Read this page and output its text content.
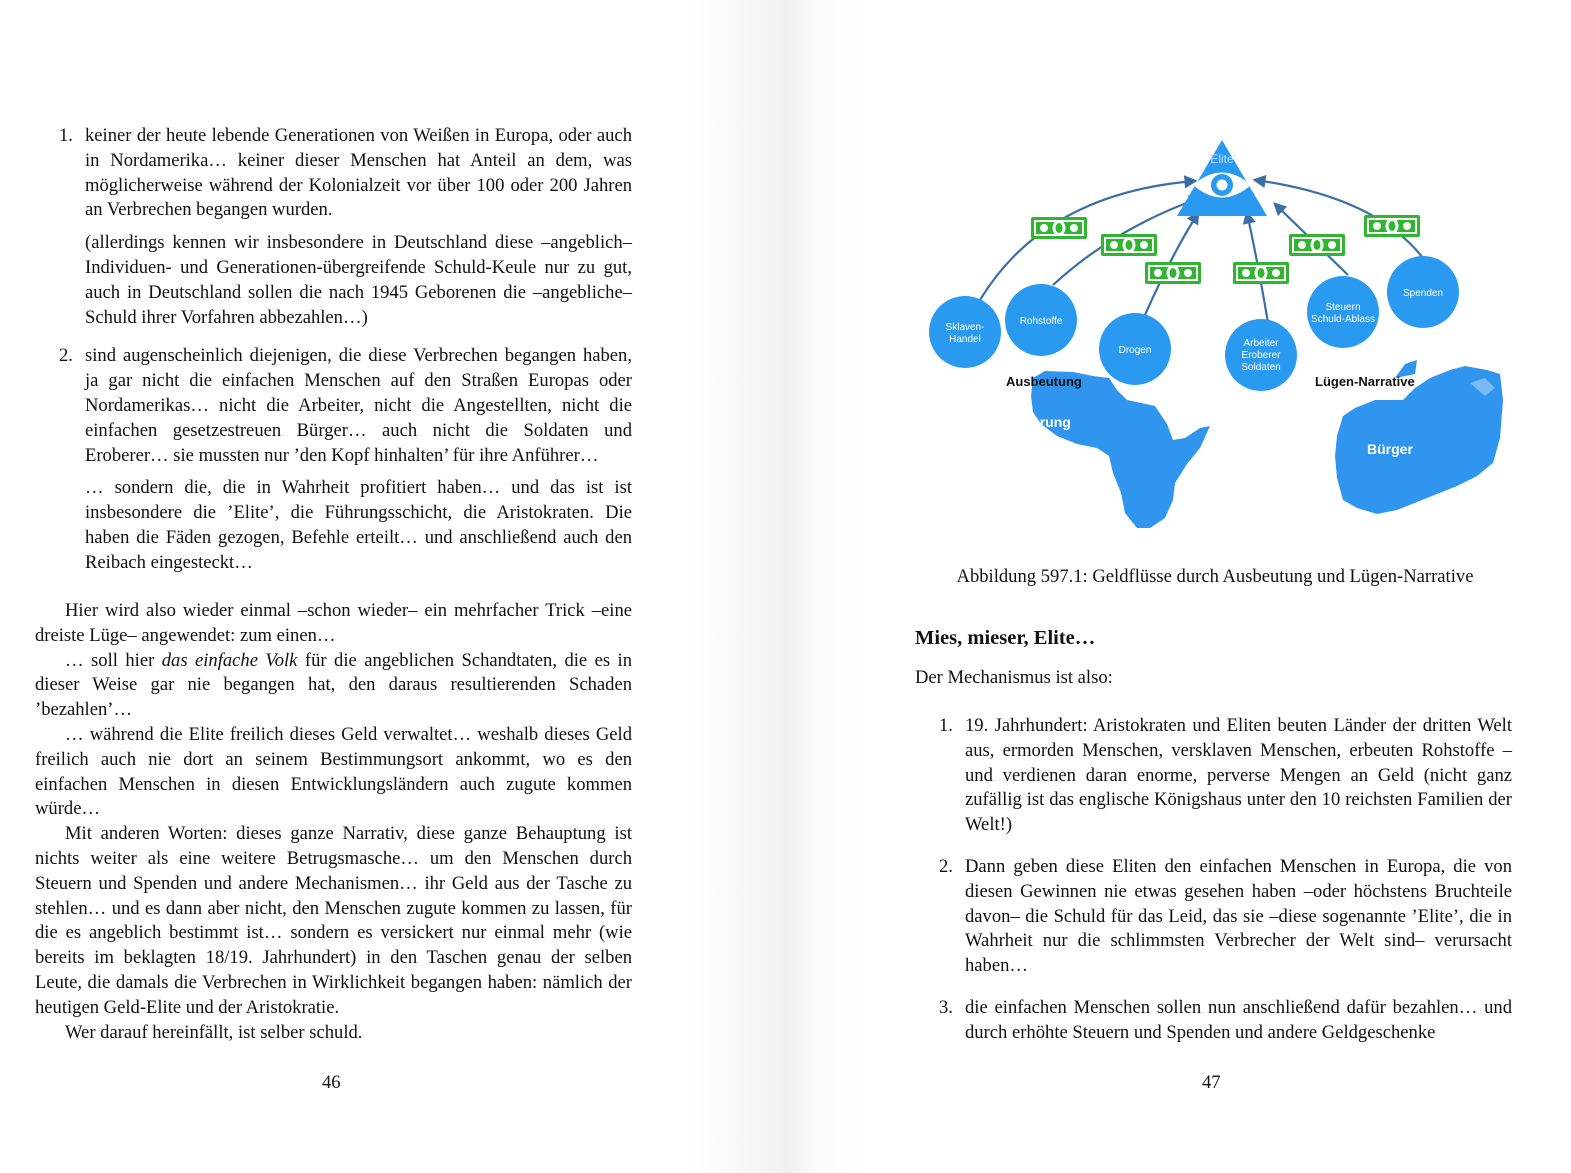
1. keiner der heute lebende Generationen von Weißen in Europa, oder auch in Nordamerika… keiner dieser Menschen hat Anteil an dem, was möglicherweise während der Kolonialzeit vor über 100 oder 200 Jahren an Verbrechen begangen wurden.

(allerdings kennen wir insbesondere in Deutschland diese –angeblich– Individuen- und Generationen-übergreifende Schuld-Keule nur zu gut, auch in Deutschland sollen die nach 1945 Geborenen die –angebliche– Schuld ihrer Vorfahren abbezahlen…)

2. sind augenscheinlich diejenigen, die diese Verbrechen begangen haben, ja gar nicht die einfachen Menschen auf den Straßen Europas oder Nordamerikas… nicht die Arbeiter, nicht die Angestellten, nicht die einfachen gesetzestreuen Bürger… auch nicht die Soldaten und Eroberer… sie mussten nur ’den Kopf hinhalten’ für ihre Anführer…

… sondern die, die in Wahrheit profitiert haben… und das ist ist insbesondere die ’Elite’, die Führungsschicht, die Aristokraten. Die haben die Fäden gezogen, Befehle erteilt… und anschließend auch den Reibach eingesteckt…

Hier wird also wieder einmal –schon wieder– ein mehrfacher Trick –eine dreiste Lüge– angewendet: zum einen…

… soll hier das einfache Volk für die angeblichen Schandtaten, die es in dieser Weise gar nie begangen hat, den daraus resultierenden Schaden ’bezahlen’…

… während die Elite freilich dieses Geld verwaltet… weshalb dieses Geld freilich auch nie dort an seinem Bestimmungsort ankommt, wo es den einfachen Menschen in diesen Entwicklungsländern auch zugute kommen würde…

Mit anderen Worten: dieses ganze Narrativ, diese ganze Behauptung ist nichts weiter als eine weitere Betrugsmasche… um den Menschen durch Steuern und Spenden und andere Mechanismen… ihr Geld aus der Tasche zu stehlen… und es dann aber nicht, den Menschen zugute kommen zu lassen, für die es angeblich bestimmt ist… sondern es versickert nur einmal mehr (wie bereits im beklagten 18/19. Jahrhundert) in den Taschen genau der selben Leute, die damals die Verbrechen in Wirklichkeit begangen haben: nämlich der heutigen Geld-Elite und der Aristokratie.

Wer darauf hereinfällt, ist selber schuld.

46
'Elite'
Sklaven-Handel
Rohstoffe
Drogen
Arbeiter Eroberer Soldaten
Steuern Schuld-Ablass
Spenden
Ausbeutung
Bevölkerung
Lügen-Narrative
Bürger
Abbildung 597.1: Geldflüsse durch Ausbeutung und Lügen-Narrative
Mies, mieser, Elite…
Der Mechanismus ist also:
1. 19. Jahrhundert: Aristokraten und Eliten beuten Länder der dritten Welt aus, ermorden Menschen, versklaven Menschen, erbeuten Rohstoffe – und verdienen daran enorme, perverse Mengen an Geld (nicht ganz zufällig ist das englische Königshaus unter den 10 reichsten Familien der Welt!)

2. Dann geben diese Eliten den einfachen Menschen in Europa, die von diesen Gewinnen nie etwas gesehen haben –oder höchstens Bruchteile davon– die Schuld für das Leid, das sie –diese sogenannte ’Elite’, die in Wahrheit nur die schlimmsten Verbrecher der Welt sind– verursacht haben…

3. die einfachen Menschen sollen nun anschließend dafür bezahlen… und durch erhöhte Steuern und Spenden und andere Geldgeschenke

47
